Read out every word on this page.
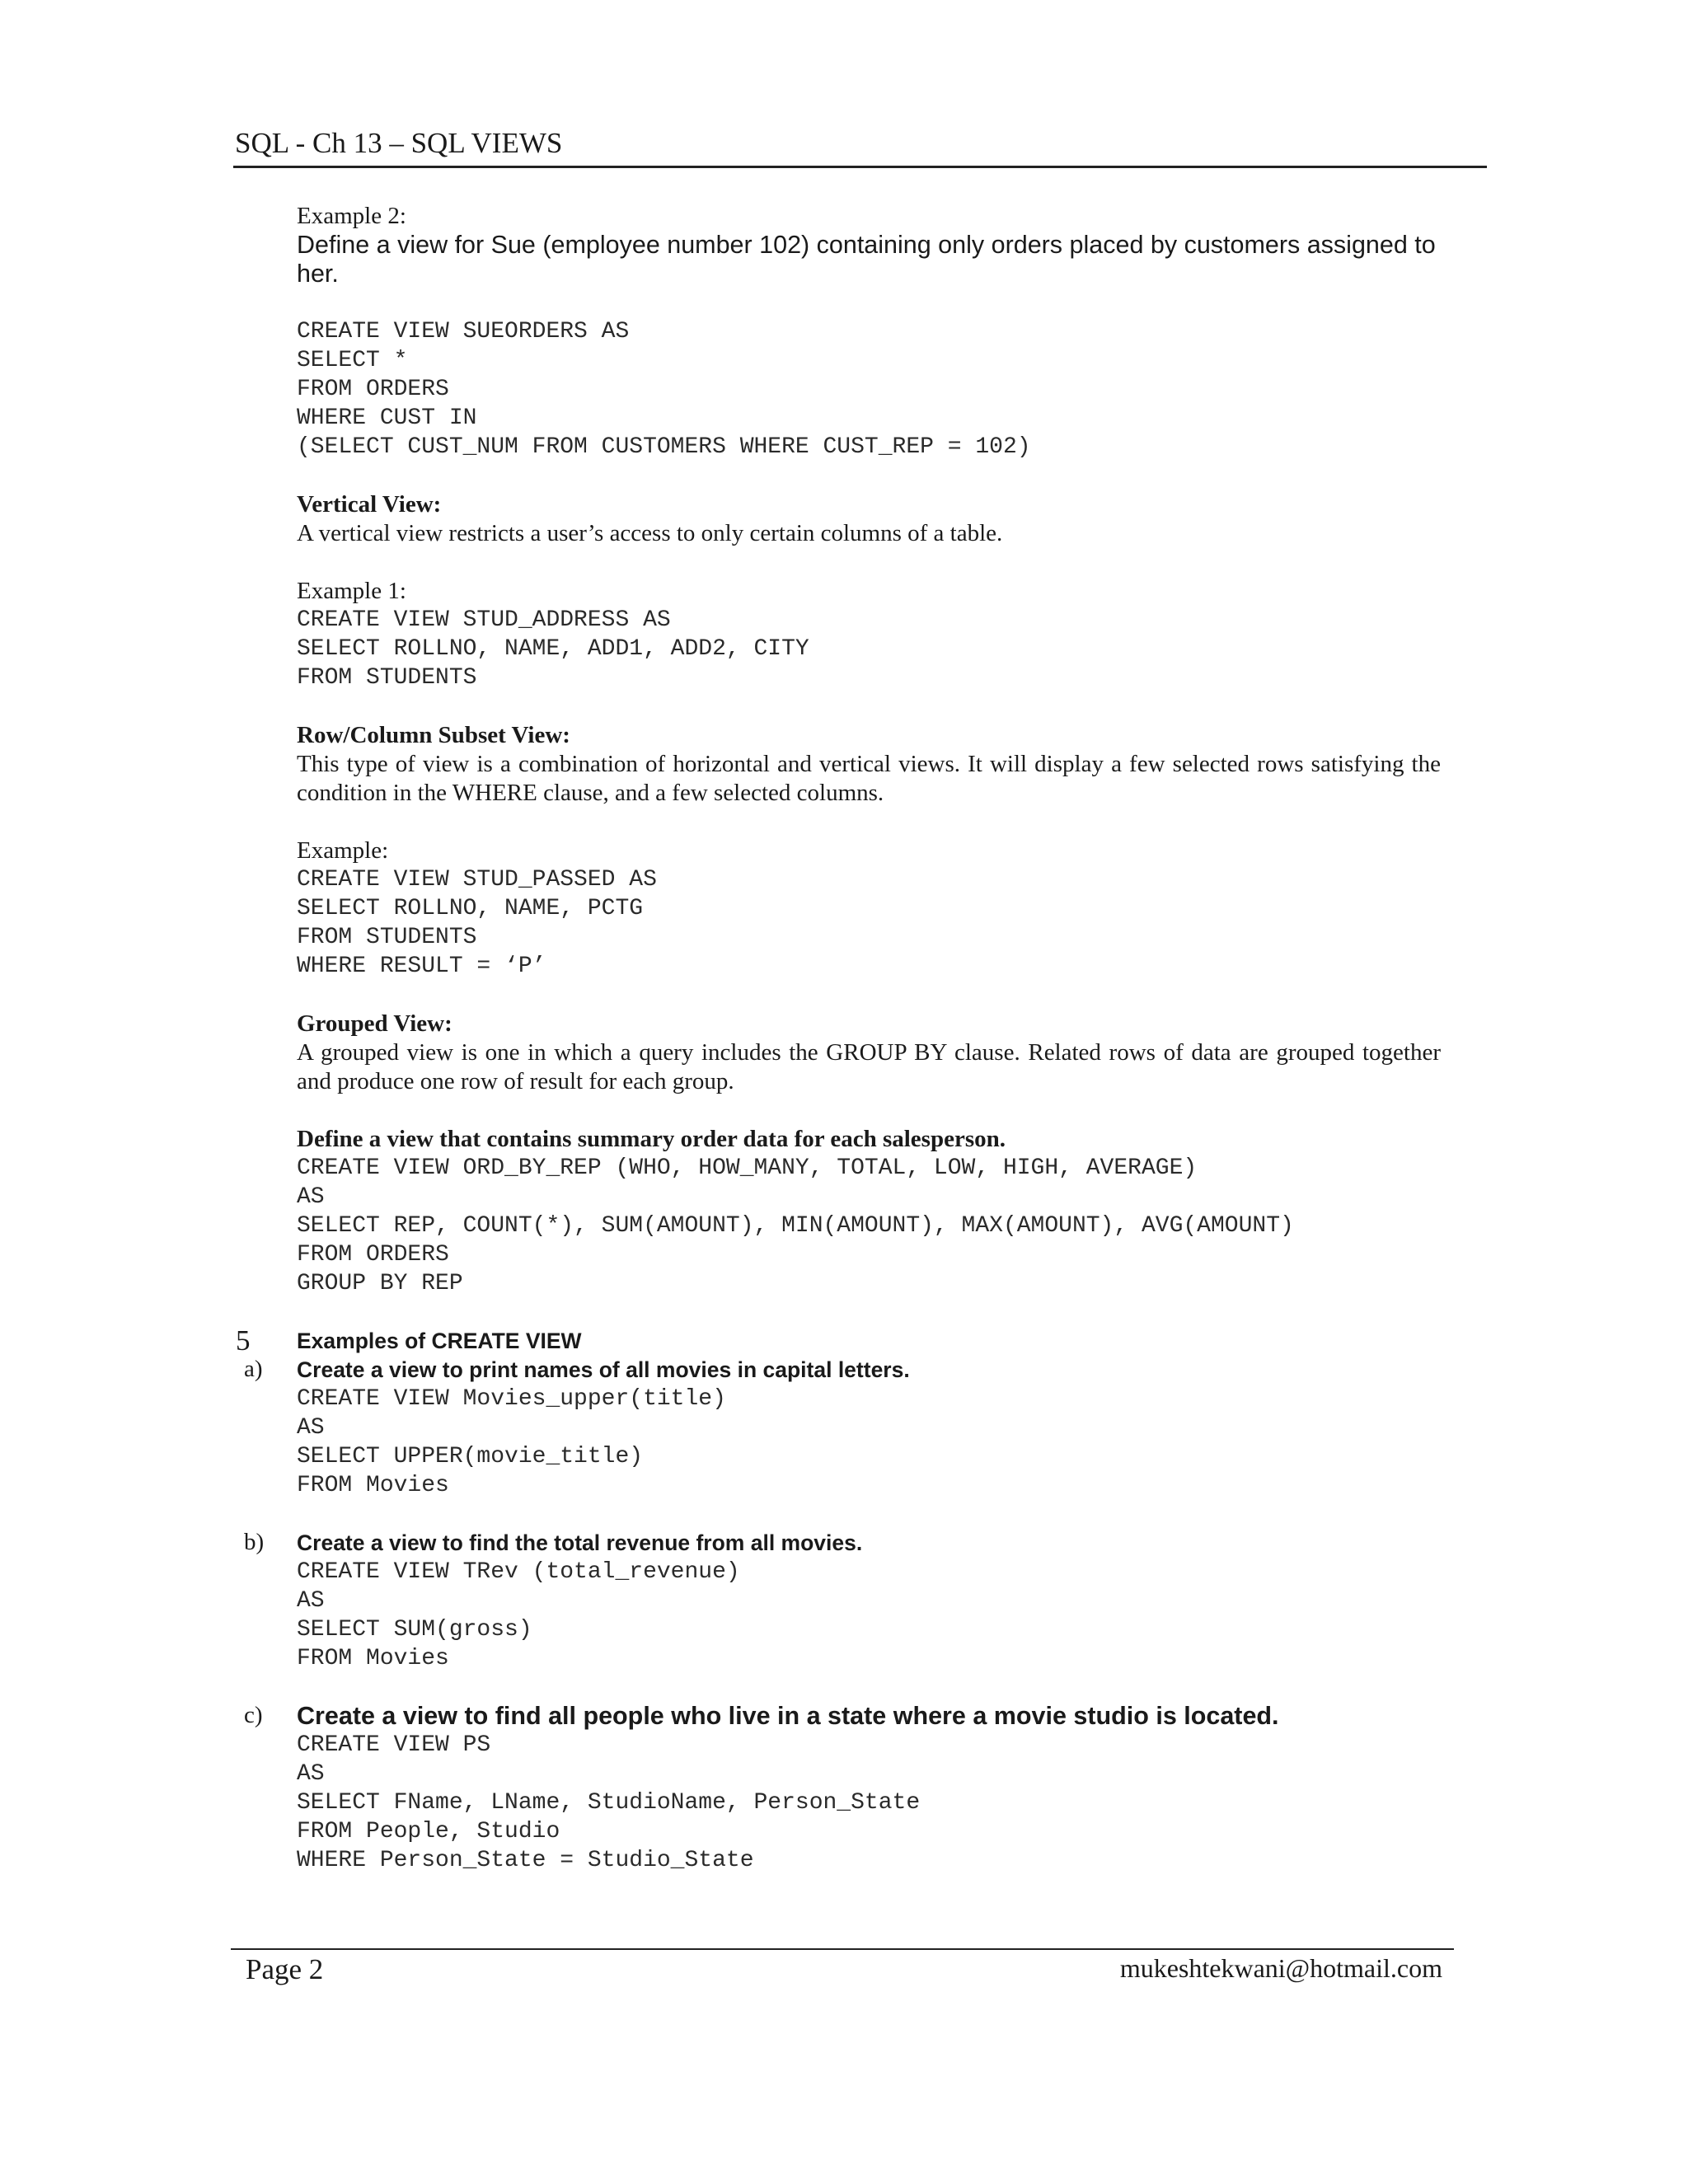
SQL - Ch 13 – SQL VIEWS

Example 2:

Define a view for Sue (employee number 102) containing only orders placed by customers assigned to her.

CREATE VIEW SUEORDERS AS
SELECT *
FROM ORDERS
WHERE CUST IN
(SELECT CUST_NUM FROM CUSTOMERS WHERE CUST_REP = 102)

Vertical View:

A vertical view restricts a user’s access to only certain columns of a table.

Example 1:

CREATE VIEW STUD_ADDRESS AS
SELECT ROLLNO, NAME, ADD1, ADD2, CITY
FROM STUDENTS

Row/Column Subset View:

This type of view is a combination of horizontal and vertical views. It will display a few selected rows satisfying the condition in the WHERE clause, and a few selected columns.

Example:

CREATE VIEW STUD_PASSED AS
SELECT ROLLNO, NAME, PCTG
FROM STUDENTS
WHERE RESULT = ‘P’

Grouped View:

A grouped view is one in which a query includes the GROUP BY clause. Related rows of data are grouped together and produce one row of result for each group.

Define a view that contains summary order data for each salesperson.

CREATE VIEW ORD_BY_REP (WHO, HOW_MANY, TOTAL, LOW, HIGH, AVERAGE)
AS
SELECT REP, COUNT(*), SUM(AMOUNT), MIN(AMOUNT), MAX(AMOUNT), AVG(AMOUNT)
FROM ORDERS
GROUP BY REP
5 Examples of CREATE VIEW

a) Create a view to print names of all movies in capital letters.

CREATE VIEW Movies_upper(title)
AS
SELECT UPPER(movie_title)
FROM Movies
b) Create a view to find the total revenue from all movies.

CREATE VIEW TRev (total_revenue)
AS
SELECT SUM(gross)
FROM Movies
c) Create a view to find all people who live in a state where a movie studio is located.

CREATE VIEW PS
AS
SELECT FName, LName, StudioName, Person_State
FROM People, Studio
WHERE Person_State = Studio_State
Page 2	mukeshtekwani@hotmail.com
